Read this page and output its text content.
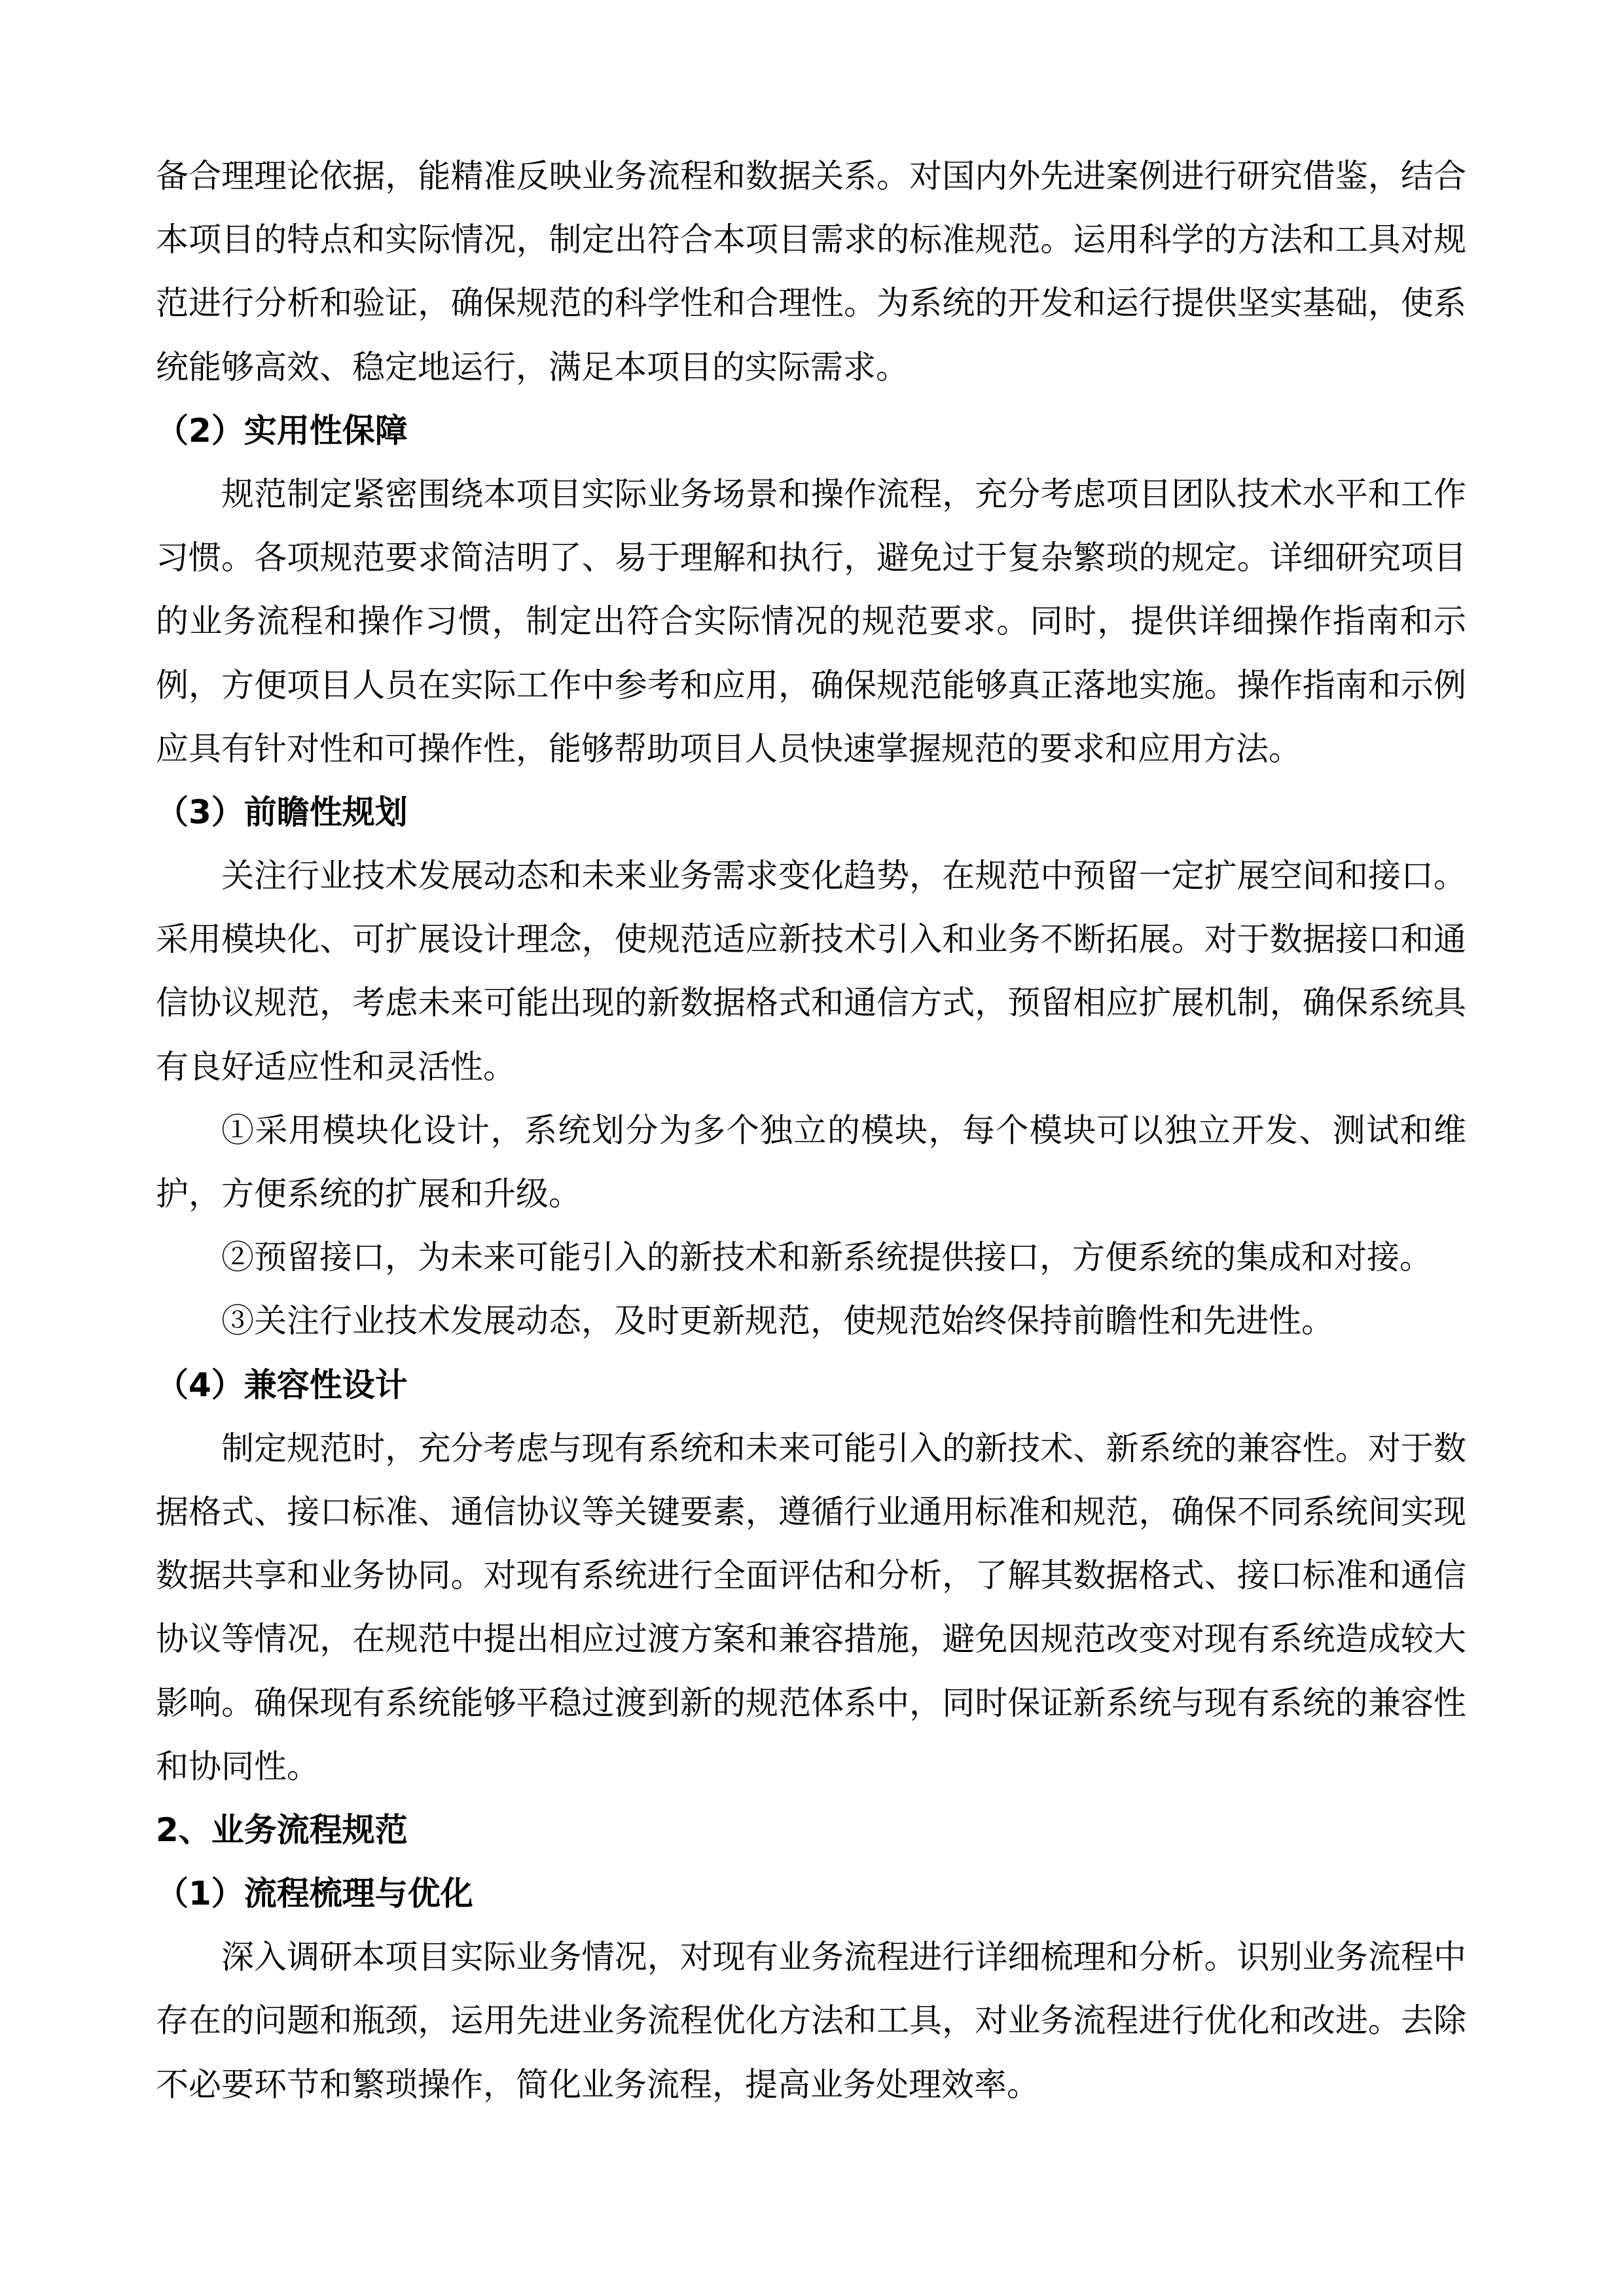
备合理理论依据，能精准反映业务流程和数据关系。对国内外先进案例进行研究借鉴，结合
本项目的特点和实际情况，制定出符合本项目需求的标准规范。运用科学的方法和工具对规
范进行分析和验证，确保规范的科学性和合理性。为系统的开发和运行提供坚实基础，使系
统能够高效、稳定地运行，满足本项目的实际需求。
（2）实用性保障
规范制定紧密围绕本项目实际业务场景和操作流程，充分考虑项目团队技术水平和工作
习惯。各项规范要求简洁明了、易于理解和执行，避免过于复杂繁琐的规定。详细研究项目
的业务流程和操作习惯，制定出符合实际情况的规范要求。同时，提供详细操作指南和示
例，方便项目人员在实际工作中参考和应用，确保规范能够真正落地实施。操作指南和示例
应具有针对性和可操作性，能够帮助项目人员快速掌握规范的要求和应用方法。
（3）前瞻性规划
关注行业技术发展动态和未来业务需求变化趋势，在规范中预留一定扩展空间和接口。
采用模块化、可扩展设计理念，使规范适应新技术引入和业务不断拓展。对于数据接口和通
信协议规范，考虑未来可能出现的新数据格式和通信方式，预留相应扩展机制，确保系统具
有良好适应性和灵活性。
①采用模块化设计，系统划分为多个独立的模块，每个模块可以独立开发、测试和维
护，方便系统的扩展和升级。
②预留接口，为未来可能引入的新技术和新系统提供接口，方便系统的集成和对接。
③关注行业技术发展动态，及时更新规范，使规范始终保持前瞻性和先进性。
（4）兼容性设计
制定规范时，充分考虑与现有系统和未来可能引入的新技术、新系统的兼容性。对于数
据格式、接口标准、通信协议等关键要素，遵循行业通用标准和规范，确保不同系统间实现
数据共享和业务协同。对现有系统进行全面评估和分析，了解其数据格式、接口标准和通信
协议等情况，在规范中提出相应过渡方案和兼容措施，避免因规范改变对现有系统造成较大
影响。确保现有系统能够平稳过渡到新的规范体系中，同时保证新系统与现有系统的兼容性
和协同性。
2、业务流程规范
（1）流程梳理与优化
深入调研本项目实际业务情况，对现有业务流程进行详细梳理和分析。识别业务流程中
存在的问题和瓶颈，运用先进业务流程优化方法和工具，对业务流程进行优化和改进。去除
不必要环节和繁琐操作，简化业务流程，提高业务处理效率。
